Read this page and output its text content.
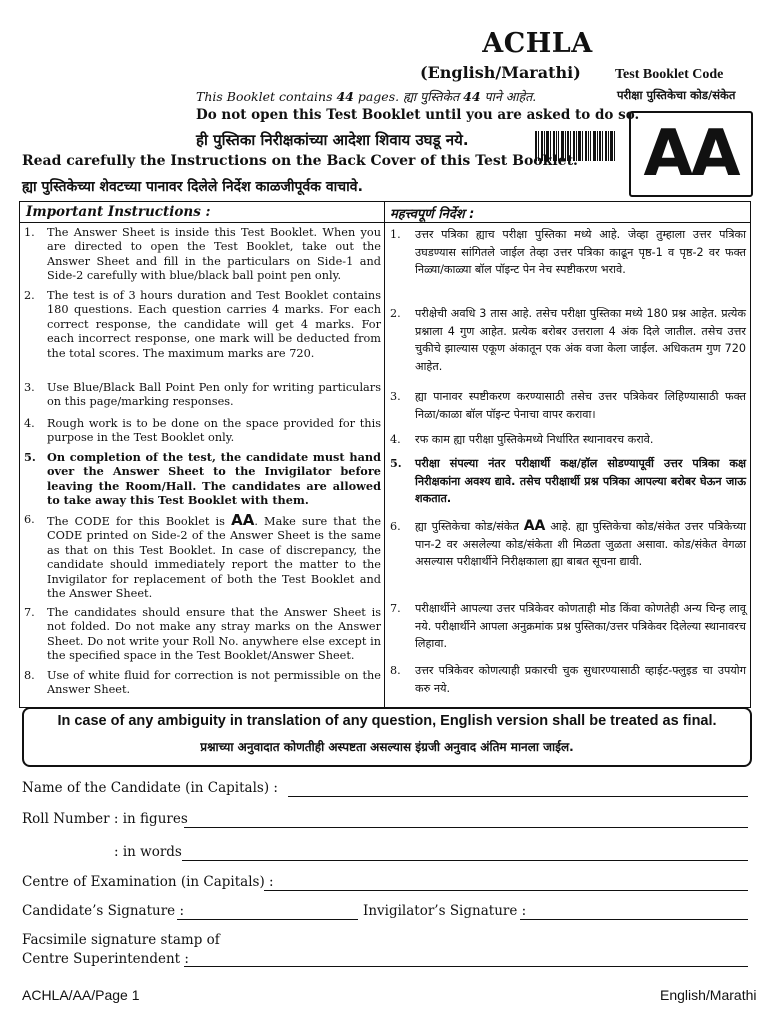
ACHLA
(English/Marathi) Test Booklet Code
परीक्षा पुस्तिकेचा कोड/संकेत
This Booklet contains 44 pages. ह्या पुस्तिकेत 44 पाने आहेत.
Do not open this Test Booklet until you are asked to do so.
ही पुस्तिका निरीक्षकांच्या आदेशा शिवाय उघडू नये.	AA
Read carefully the Instructions on the Back Cover of this Test Booklet.
ह्या पुस्तिकेच्या शेवटच्या पानावर दिलेले निर्देश काळजीपूर्वक वाचावे.
Important Instructions :	महत्त्वपूर्ण निर्देश :
1. The Answer Sheet is inside this Test Booklet. When you are directed to open the Test Booklet, take out the Answer Sheet and fill in the particulars on Side-1 and Side-2 carefully with blue/black ball point pen only.
2. The test is of 3 hours duration and Test Booklet contains 180 questions. Each question carries 4 marks. For each correct response, the candidate will get 4 marks. For each incorrect response, one mark will be deducted from the total scores. The maximum marks are 720.
3. Use Blue/Black Ball Point Pen only for writing particulars on this page/marking responses.
4. Rough work is to be done on the space provided for this purpose in the Test Booklet only.
5. On completion of the test, the candidate must hand over the Answer Sheet to the Invigilator before leaving the Room/Hall. The candidates are allowed to take away this Test Booklet with them.
6. The CODE for this Booklet is AA. Make sure that the CODE printed on Side-2 of the Answer Sheet is the same as that on this Test Booklet. In case of discrepancy, the candidate should immediately report the matter to the Invigilator for replacement of both the Test Booklet and the Answer Sheet.
7. The candidates should ensure that the Answer Sheet is not folded. Do not make any stray marks on the Answer Sheet. Do not write your Roll No. anywhere else except in the specified space in the Test Booklet/Answer Sheet.
8. Use of white fluid for correction is not permissible on the Answer Sheet.
1. उत्तर पत्रिका ह्याच परीक्षा पुस्तिका मध्ये आहे. जेव्हा तुम्हाला उत्तर पत्रिका उघडण्यास सांगितले जाईल तेव्हा उत्तर पत्रिका काढून पृष्ठ-1 व पृष्ठ-2 वर फक्त निळ्या/काळ्या बॉल पॉइन्ट पेन नेच स्पष्टीकरण भरावे.
2. परीक्षेची अवधि 3 तास आहे. तसेच परीक्षा पुस्तिका मध्ये 180 प्रश्न आहेत. प्रत्येक प्रश्नाला 4 गुण आहेत. प्रत्येक बरोबर उत्तराला 4 अंक दिले जातील. तसेच उत्तर चुकीचे झाल्यास एकूण अंकातून एक अंक वजा केला जाईल. अधिकतम गुण 720 आहेत.
3. ह्या पानावर स्पष्टीकरण करण्यासाठी तसेच उत्तर पत्रिकेवर लिहिण्यासाठी फक्त निळा/काळा बॉल पॉइन्ट पेनाचा वापर करावा।
4. रफ काम ह्या परीक्षा पुस्तिकेमध्ये निर्धारित स्थानावरच करावे.
5. परीक्षा संपल्या नंतर परीक्षार्थी कक्ष/हॉल सोडण्यापूर्वी उत्तर पत्रिका कक्ष निरीक्षकांना अवश्य द्यावे. तसेच परीक्षार्थी प्रश्न पत्रिका आपल्या बरोबर घेऊन जाऊ शकतात.
6. ह्या पुस्तिकेचा कोड/संकेत AA आहे. ह्या पुस्तिकेचा कोड/संकेत उत्तर पत्रिकेच्या पान-2 वर असलेल्या कोड/संकेता शी मिळता जुळता असावा. कोड/संकेत वेगळा असल्यास परीक्षार्थीने निरीक्षकाला ह्या बाबत सूचना द्यावी.
7. परीक्षार्थीने आपल्या उत्तर पत्रिकेवर कोणताही मोड किंवा कोणतेही अन्य चिन्ह लावू नये. परीक्षार्थीने आपला अनुक्रमांक प्रश्न पुस्तिका/उत्तर पत्रिकेवर दिलेल्या स्थानावरच लिहावा.
8. उत्तर पत्रिकेवर कोणत्याही प्रकारची चुक सुधारण्यासाठी व्हाईट-फ्लुइड चा उपयोग करु नये.
In case of any ambiguity in translation of any question, English version shall be treated as final.
प्रश्नाच्या अनुवादात कोणतीही अस्पष्टता असल्यास इंग्रजी अनुवाद अंतिम मानला जाईल.
Name of the Candidate (in Capitals) :
Roll Number : in figures
: in words
Centre of Examination (in Capitals) :
Candidate’s Signature :	Invigilator’s Signature :
Facsimile signature stamp of
Centre Superintendent :
ACHLA/AA/Page 1	English/Marathi
